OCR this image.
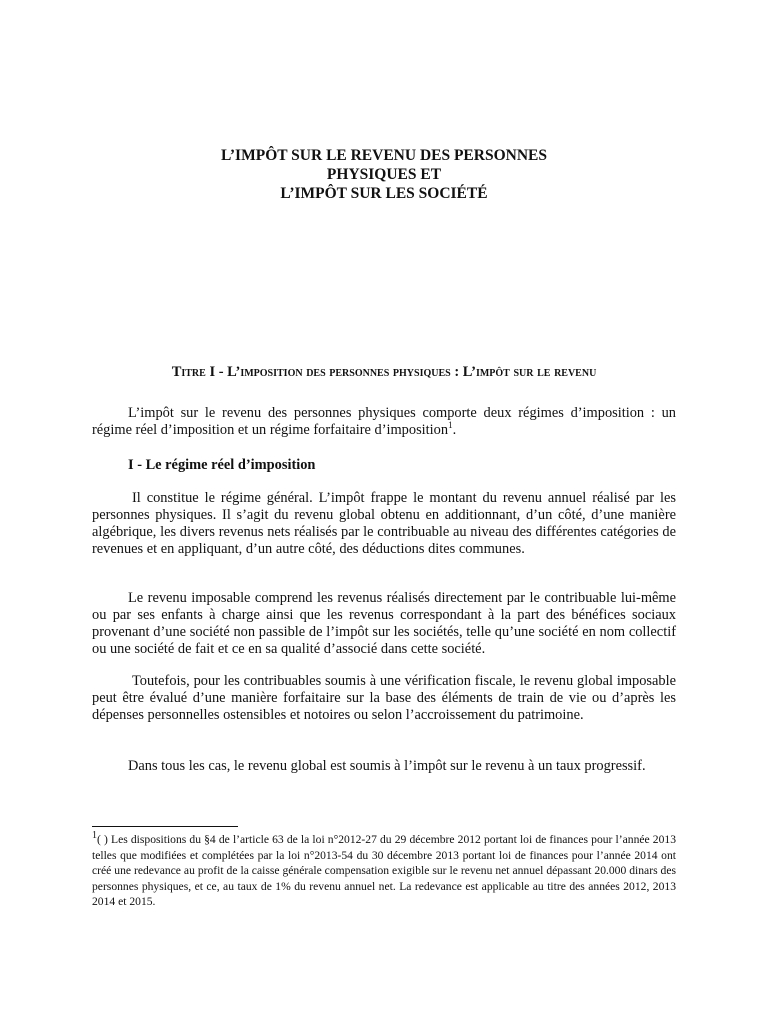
L’IMPÔT SUR LE REVENU DES PERSONNES
PHYSIQUES ET
L’IMPÔT SUR LES SOCIÉTÉ
Titre I - L’imposition des personnes physiques : L’impôt sur le revenu

L’impôt sur le revenu des personnes physiques comporte deux régimes d’imposition : un régime réel d’imposition et un régime forfaitaire d’imposition$^1$.

I - Le régime réel d’imposition

Il constitue le régime général. L’impôt frappe le montant du revenu annuel réalisé par les personnes physiques. Il s’agit du revenu global obtenu en additionnant, d’un côté, d’une manière algébrique, les divers revenus nets réalisés par le contribuable au niveau des différentes catégories de revenues et en appliquant, d’un autre côté, des déductions dites communes.

Le revenu imposable comprend les revenus réalisés directement par le contribuable lui-même ou par ses enfants à charge ainsi que les revenus correspondant à la part des bénéfices sociaux provenant d’une société non passible de l’impôt sur les sociétés, telle qu’une société en nom collectif ou une société de fait et ce en sa qualité d’associé dans cette société.

Toutefois, pour les contribuables soumis à une vérification fiscale, le revenu global imposable peut être évalué d’une manière forfaitaire sur la base des éléments de train de vie ou d’après les dépenses personnelles ostensibles et notoires ou selon l’accroissement du patrimoine.

Dans tous les cas, le revenu global est soumis à l’impôt sur le revenu à un taux progressif.

$^1$( ) Les dispositions du §4 de l’article 63 de la loi n°2012-27 du 29 décembre 2012 portant loi de finances pour l’année 2013 telles que modifiées et complétées par la loi n°2013-54 du 30 décembre 2013 portant loi de finances pour l’année 2014 ont créé une redevance au profit de la caisse générale compensation exigible sur le revenu net annuel dépassant 20.000 dinars des personnes physiques, et ce, au taux de 1% du revenu annuel net. La redevance est applicable au titre des années 2012, 2013 2014 et 2015.
